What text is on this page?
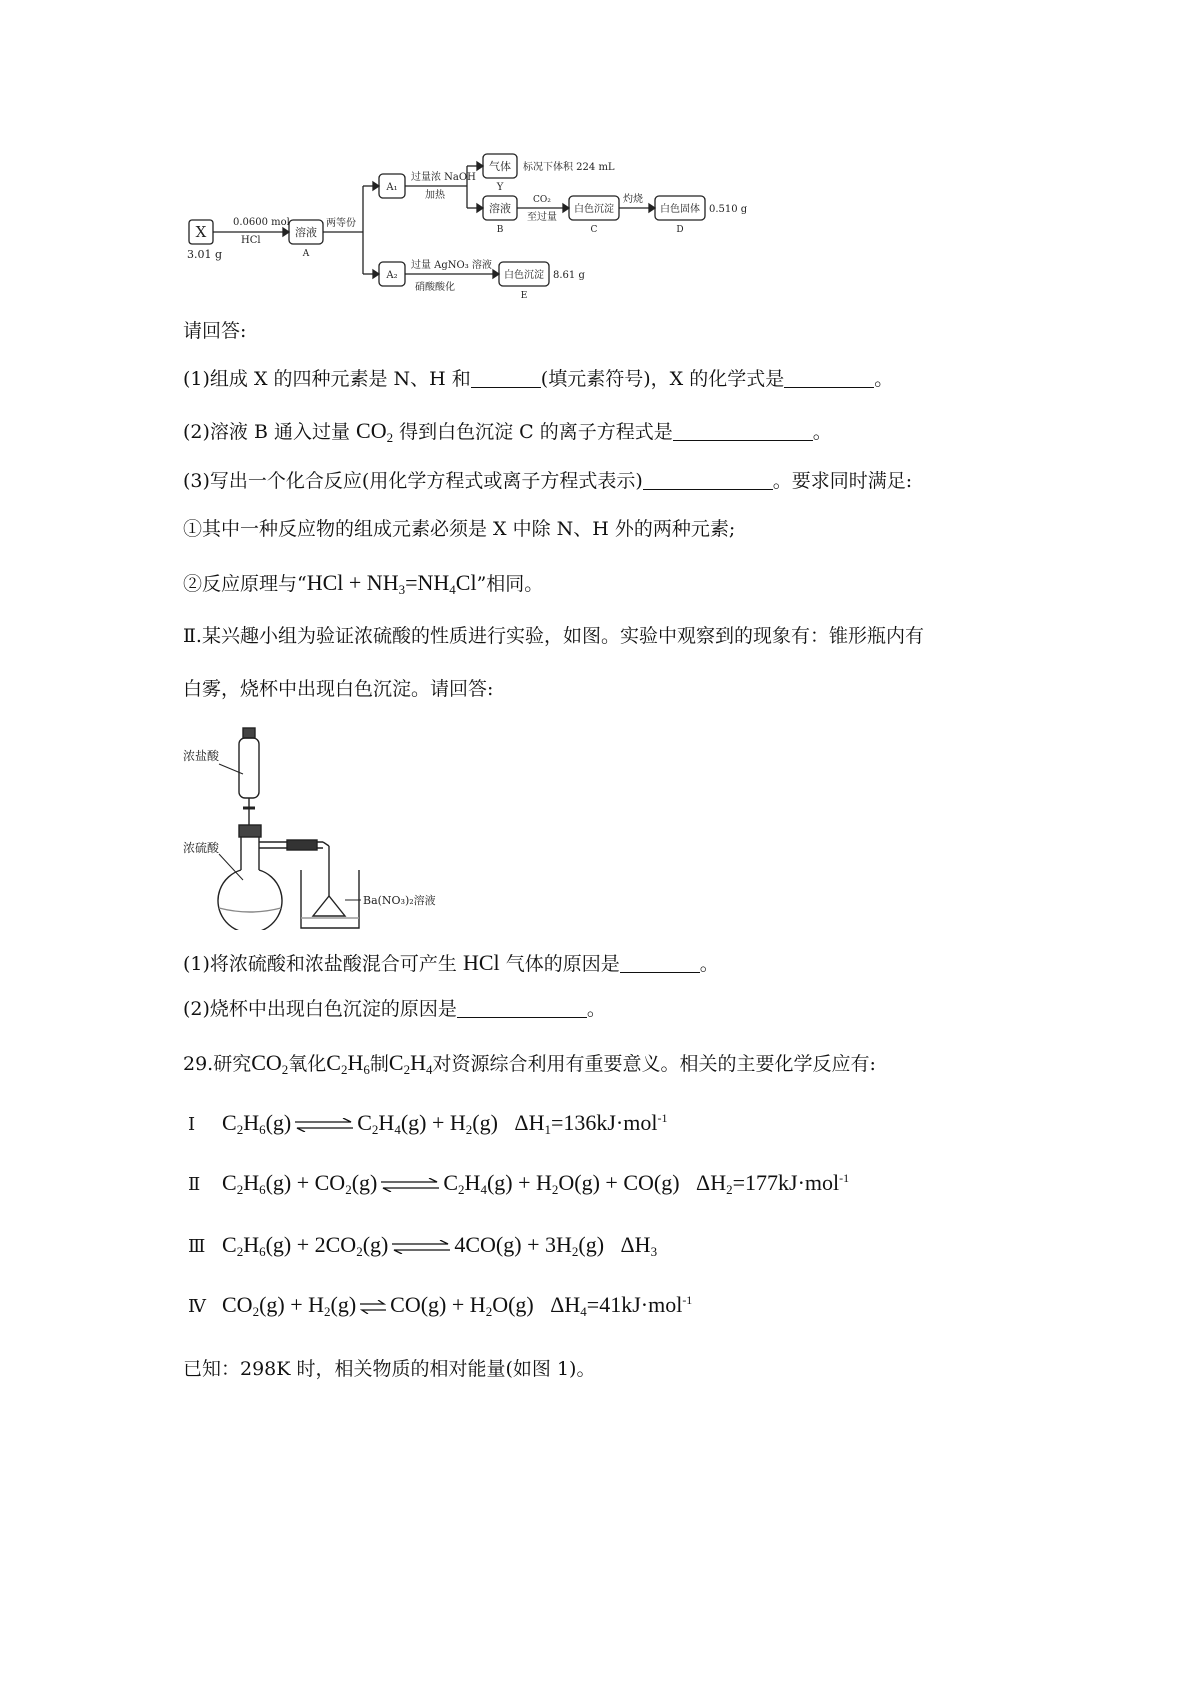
X
3.01 g
0.0600 mol
HCl
溶液
A
两等份
A₁
A₂
过量浓 NaOH
加热
气体
Y
标况下体积 224 mL
溶液
B
CO₂
至过量
白色沉淀
C
灼烧
白色固体
D
0.510 g
过量 AgNO₃ 溶液
硝酸酸化
白色沉淀 8.61 g
E
请回答:
(1)组成 X 的四种元素是 N、H 和	(填元素符号)，X 的化学式是	。
(2)溶液 B 通入过量 $CO_2$ 得到白色沉淀 C 的离子方程式是	。
(3)写出一个化合反应(用化学方程式或离子方程式表示)	。要求同时满足:
①其中一种反应物的组成元素必须是 X 中除 N、H 外的两种元素;
②反应原理与“HCl + $NH_3=NH_4Cl$”相同。
Ⅱ.某兴趣小组为验证浓硫酸的性质进行实验，如图。实验中观察到的现象有：锥形瓶内有
白雾，烧杯中出现白色沉淀。请回答:
浓盐酸
浓硫酸
Ba(NO₃)₂溶液
(1)将浓硫酸和浓盐酸混合可产生 HCl 气体的原因是	。
(2)烧杯中出现白色沉淀的原因是	。
29.研究$CO_2$氧化$C_2H_6$制$C_2H_4$对资源综合利用有重要意义。相关的主要化学反应有:
Ⅰ $C_2H_6(g)$ ⇌ $C_2H_4(g) + H_2(g)$   $\Delta H_1=136kJ\cdot mol^{-1}$
Ⅱ $C_2H_6(g) + CO_2(g)$ ⇌ $C_2H_4(g) + H_2O(g) + CO(g)$   $\Delta H_2=177kJ\cdot mol^{-1}$
Ⅲ $C_2H_6(g) + 2CO_2(g)$ ⇌ $4CO(g) + 3H_2(g)$   $\Delta H_3$
Ⅳ $CO_2(g) + H_2(g)$ ⇌ $CO(g) + H_2O(g)$   $\Delta H_4=41kJ\cdot mol^{-1}$
已知：298K 时，相关物质的相对能量(如图 1)。
